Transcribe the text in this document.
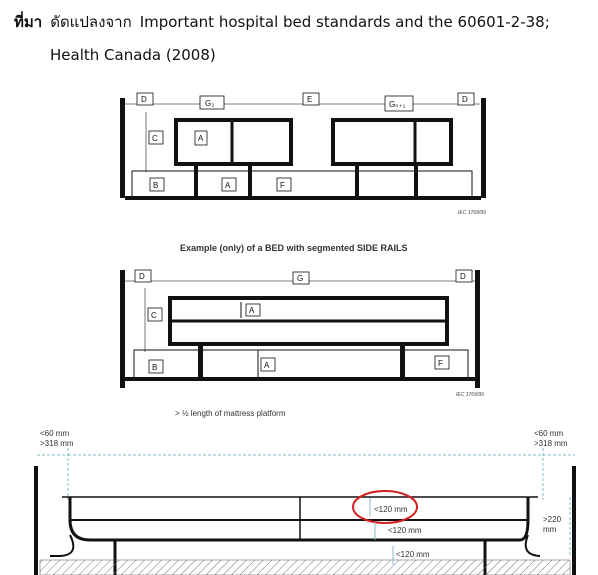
ที่มา ดัดแปลงจาก Important hospital bed standards and the 60601-2-38;
Health Canada (2008)
D	G₂	E
Gₙ₊₁
D
C	A
B	A	F
IEC 1768/99
Example (only) of a BED with segmented SIDE RAILS
D	G	D
A
C
B	A	F
IEC 1769/99
> ½ length of mattress platform
<60 mm
>318 mm
<60 mm
>318 mm
>220
mm
<120 mm
<120 mm
<120 mm
